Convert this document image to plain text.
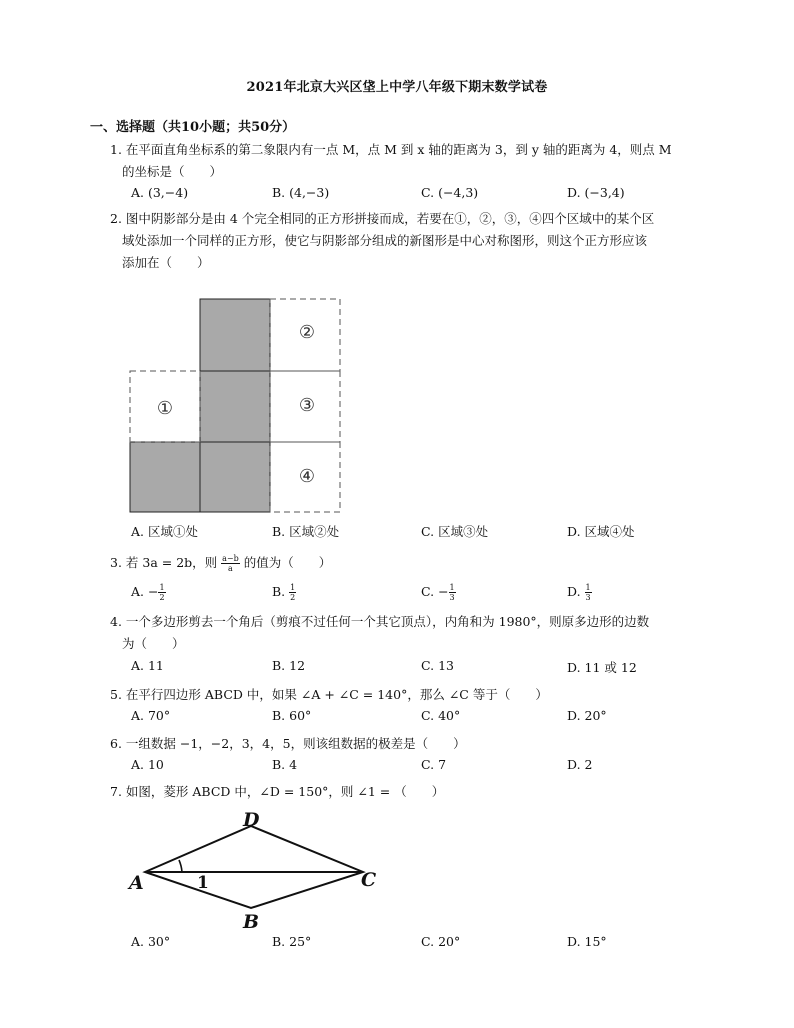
2021年北京大兴区垡上中学八年级下期末数学试卷
一、选择题（共10小题；共50分）
1. 在平面直角坐标系的第二象限内有一点 M，点 M 到 x 轴的距离为 3，到 y 轴的距离为 4，则点 M
的坐标是（　　）
A. (3,−4)	B. (4,−3)	C. (−4,3)	D. (−3,4)
2. 图中阴影部分是由 4 个完全相同的正方形拼接而成，若要在①，②，③，④四个区域中的某个区
域处添加一个同样的正方形，使它与阴影部分组成的新图形是中心对称图形，则这个正方形应该
添加在（　　）
①
②
③
④
A. 区域①处	B. 区域②处	C. 区域③处	D. 区域④处
3. 若 3a = 2b，则 $\frac{a-b}{a}$ 的值为（　　）
A. − $\frac{1}{2}$	B. $\frac{1}{2}$	C. − $\frac{1}{3}$	D. $\frac{1}{3}$
4. 一个多边形剪去一个角后（剪痕不过任何一个其它顶点），内角和为 1980°，则原多边形的边数
为（　　）
A. 11	B. 12	C. 13	D. 11 或 12
5. 在平行四边形 ABCD 中，如果 ∠A + ∠C = 140°，那么 ∠C 等于（　　）
A. 70°	B. 60°	C. 40°	D. 20°
6. 一组数据 −1，−2，3，4，5，则该组数据的极差是（　　）
A. 10	B. 4	C. 7	D. 2
7. 如图，菱形 ABCD 中，∠D = 150°，则 ∠1 = （　　）
A
D
C
B
1
A. 30°	B. 25°	C. 20°	D. 15°
